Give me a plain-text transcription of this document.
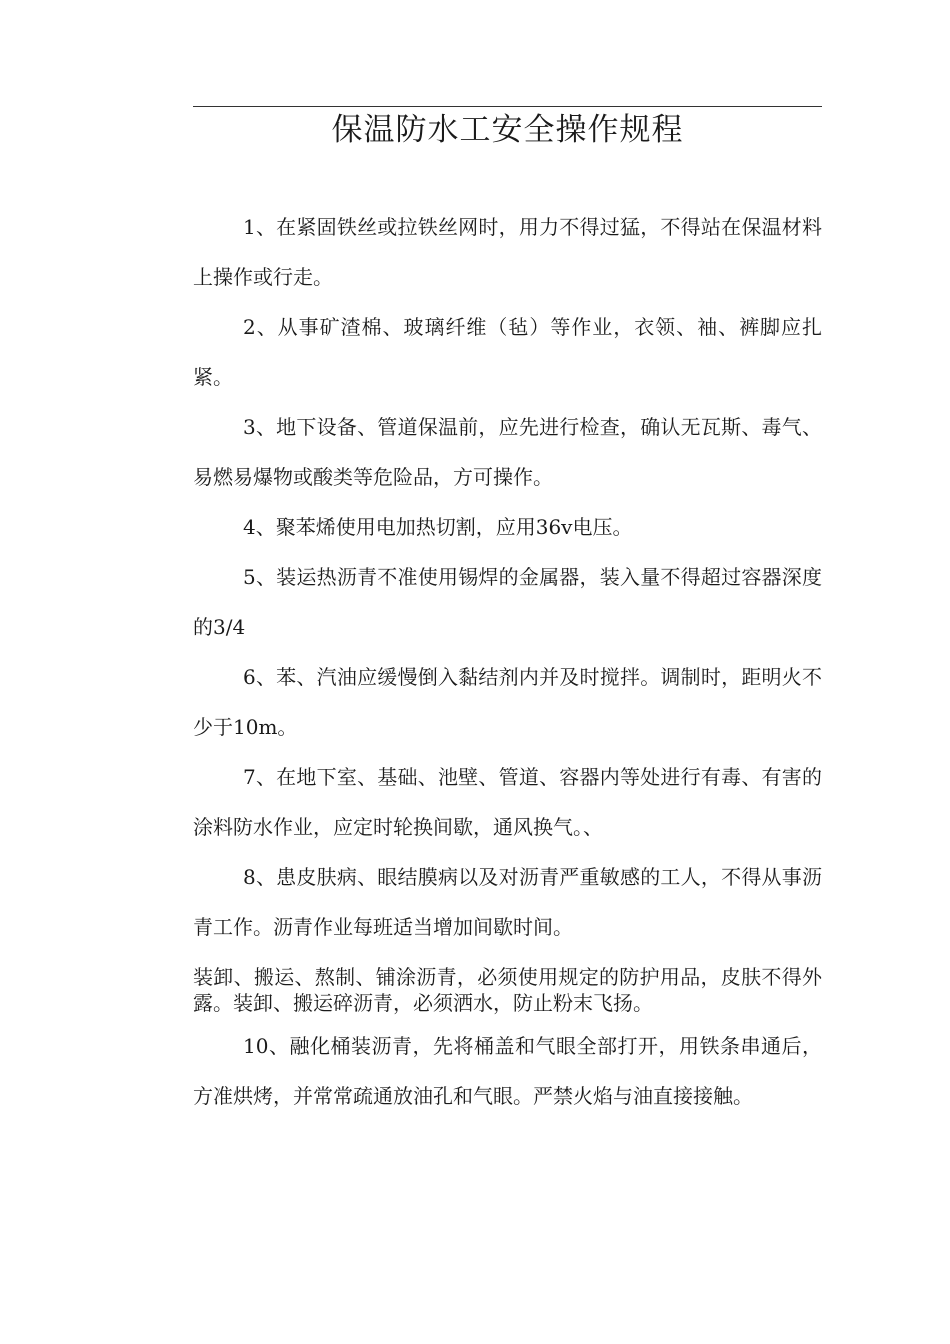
保温防水工安全操作规程

1、在紧固铁丝或拉铁丝网时，用力不得过猛，不得站在保温材料上操作或行走。

2、从事矿渣棉、玻璃纤维（毡）等作业，衣领、袖、裤脚应扎紧。

3、地下设备、管道保温前，应先进行检查，确认无瓦斯、毒气、易燃易爆物或酸类等危险品，方可操作。

4、聚苯烯使用电加热切割，应用36v电压。

5、装运热沥青不准使用锡焊的金属器，装入量不得超过容器深度的3/4

6、苯、汽油应缓慢倒入黏结剂内并及时搅拌。调制时，距明火不少于10m。

7、在地下室、基础、池壁、管道、容器内等处进行有毒、有害的涂料防水作业，应定时轮换间歇，通风换气。、

8、患皮肤病、眼结膜病以及对沥青严重敏感的工人，不得从事沥青工作。沥青作业每班适当增加间歇时间。

装卸、搬运、熬制、铺涂沥青，必须使用规定的防护用品，皮肤不得外露。装卸、搬运碎沥青，必须洒水，防止粉末飞扬。

10、融化桶装沥青，先将桶盖和气眼全部打开，用铁条串通后，方准烘烤，并常常疏通放油孔和气眼。严禁火焰与油直接接触。
